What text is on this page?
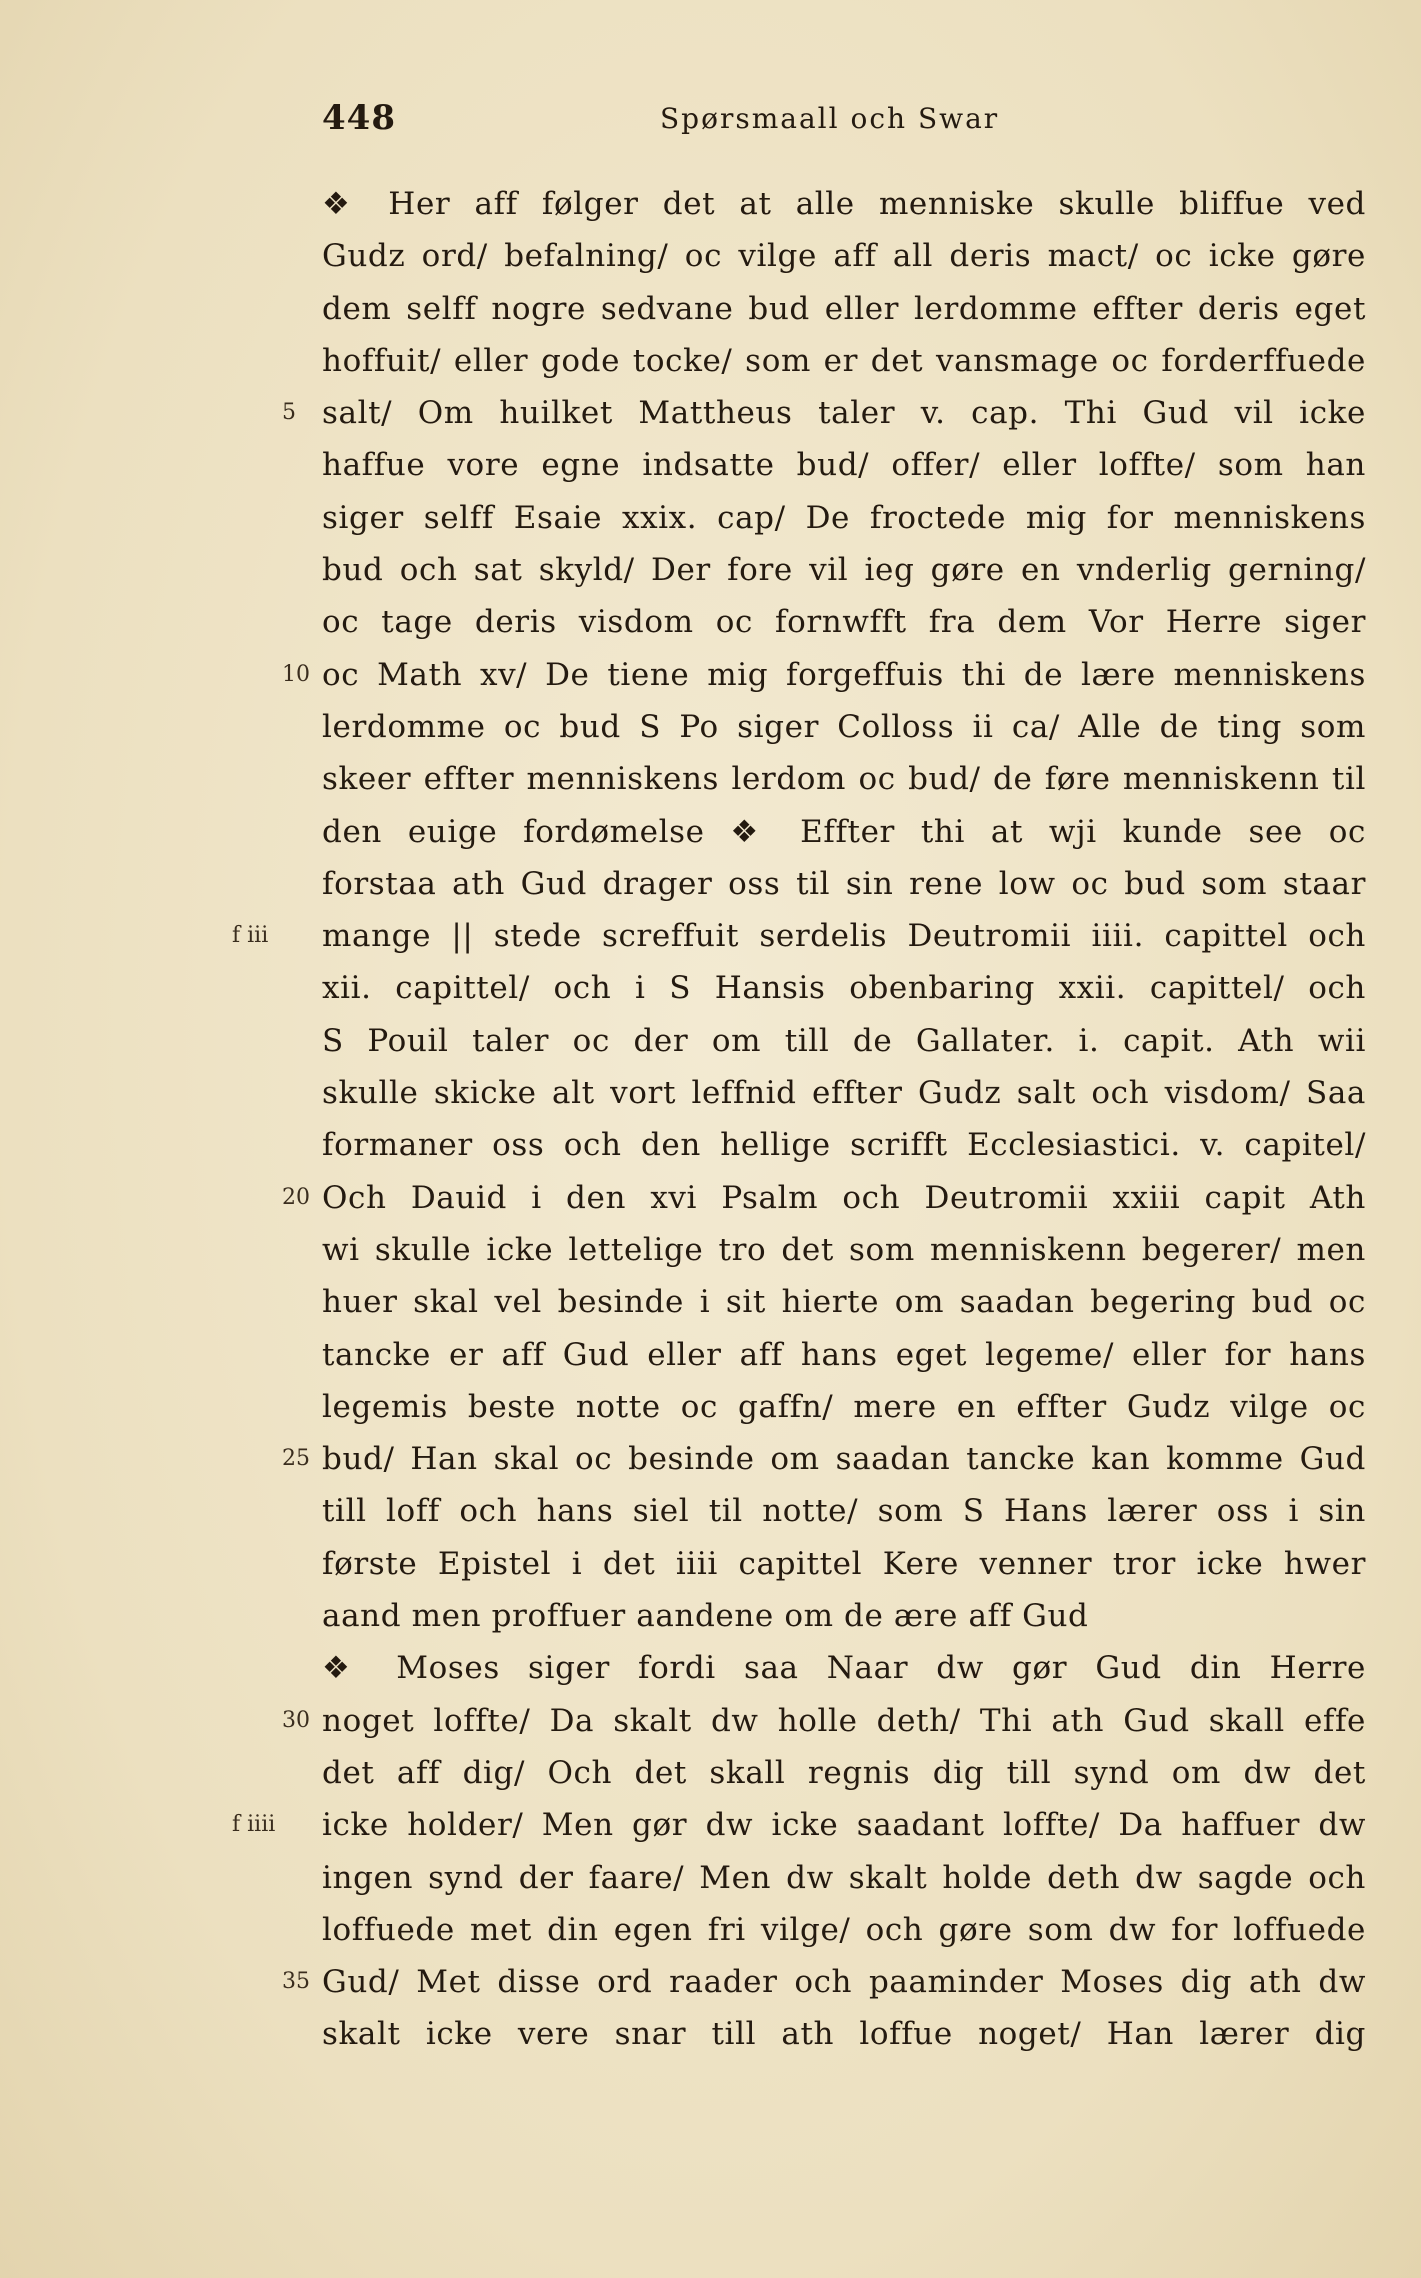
448	Spørsmaall och Swar
❖ Her aff følger det at alle menniske skulle bliffue ved
Gudz ord/ befalning/ oc vilge aff all deris mact/ oc icke gøre
dem selff nogre sedvane bud eller lerdomme effter deris eget
hoffuit/ eller gode tocke/ som er det vansmage oc forderffuede
salt/ Om huilket Mattheus taler v. cap. Thi Gud vil icke
5
haffue vore egne indsatte bud/ offer/ eller loffte/ som han
siger selff Esaie xxix. cap/ De froctede mig for menniskens
bud och sat skyld/ Der fore vil ieg gøre en vnderlig gerning/
oc tage deris visdom oc fornwfft fra dem Vor Herre siger
oc Math xv/ De tiene mig forgeffuis thi de lære menniskens
10
lerdomme oc bud S Po siger Colloss ii ca/ Alle de ting som
skeer effter menniskens lerdom oc bud/ de føre menniskenn til
den euige fordømelse ❖ Effter thi at wji kunde see oc
forstaa ath Gud drager oss til sin rene low oc bud som staar
mange || stede screffuit serdelis Deutromii iiii. capittel och
f iii
xii. capittel/ och i S Hansis obenbaring xxii. capittel/ och
S Pouil taler oc der om till de Gallater. i. capit. Ath wii
skulle skicke alt vort leffnid effter Gudz salt och visdom/ Saa
formaner oss och den hellige scrifft Ecclesiastici. v. capitel/
Och Dauid i den xvi Psalm och Deutromii xxiii capit Ath
20
wi skulle icke lettelige tro det som menniskenn begerer/ men
huer skal vel besinde i sit hierte om saadan begering bud oc
tancke er aff Gud eller aff hans eget legeme/ eller for hans
legemis beste notte oc gaffn/ mere en effter Gudz vilge oc
bud/ Han skal oc besinde om saadan tancke kan komme Gud
25
till loff och hans siel til notte/ som S Hans lærer oss i sin
første Epistel i det iiii capittel Kere venner tror icke hwer
aand men proffuer aandene om de ære aff Gud
❖ Moses siger fordi saa Naar dw gør Gud din Herre
noget loffte/ Da skalt dw holle deth/ Thi ath Gud skall effe
30
det aff dig/ Och det skall regnis dig till synd om dw det
icke holder/ Men gør dw icke saadant loffte/ Da haffuer dw
f iiii
ingen synd der faare/ Men dw skalt holde deth dw sagde och
loffuede met din egen fri vilge/ och gøre som dw for loffuede
Gud/ Met disse ord raader och paaminder Moses dig ath dw
35
skalt icke vere snar till ath loffue noget/ Han lærer dig
